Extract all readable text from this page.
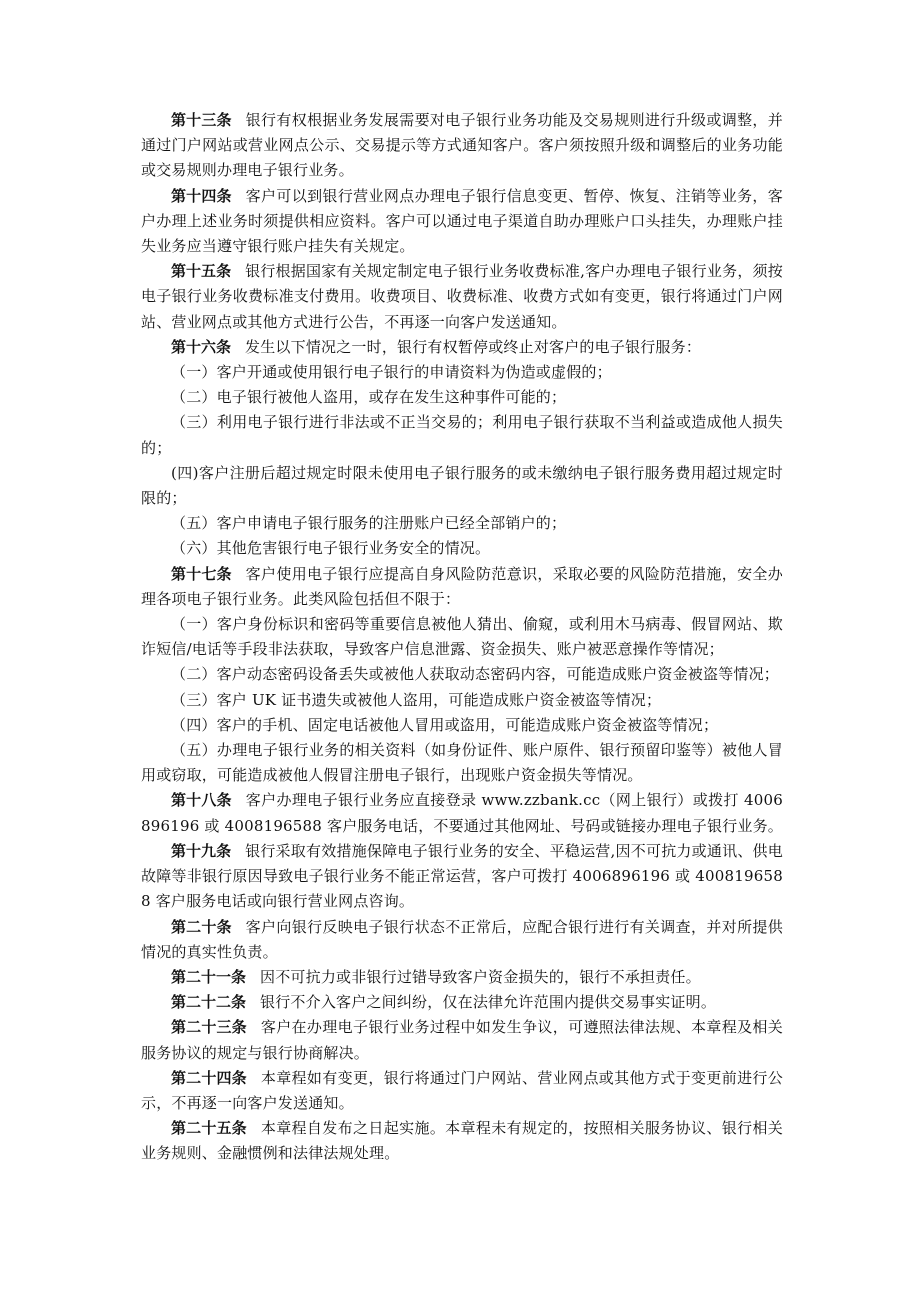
第十三条 银行有权根据业务发展需要对电子银行业务功能及交易规则进行升级或调整，并通过门户网站或营业网点公示、交易提示等方式通知客户。客户须按照升级和调整后的业务功能或交易规则办理电子银行业务。

第十四条 客户可以到银行营业网点办理电子银行信息变更、暂停、恢复、注销等业务，客户办理上述业务时须提供相应资料。客户可以通过电子渠道自助办理账户口头挂失，办理账户挂失业务应当遵守银行账户挂失有关规定。

第十五条 银行根据国家有关规定制定电子银行业务收费标准,客户办理电子银行业务，须按电子银行业务收费标准支付费用。收费项目、收费标准、收费方式如有变更，银行将通过门户网站、营业网点或其他方式进行公告，不再逐一向客户发送通知。

第十六条 发生以下情况之一时，银行有权暂停或终止对客户的电子银行服务：

（一）客户开通或使用银行电子银行的申请资料为伪造或虚假的；

（二）电子银行被他人盗用，或存在发生这种事件可能的；

（三）利用电子银行进行非法或不正当交易的；利用电子银行获取不当利益或造成他人损失的；

(四)客户注册后超过规定时限未使用电子银行服务的或未缴纳电子银行服务费用超过规定时限的；

（五）客户申请电子银行服务的注册账户已经全部销户的；

（六）其他危害银行电子银行业务安全的情况。

第十七条 客户使用电子银行应提高自身风险防范意识，采取必要的风险防范措施，安全办理各项电子银行业务。此类风险包括但不限于：

（一）客户身份标识和密码等重要信息被他人猜出、偷窥，或利用木马病毒、假冒网站、欺诈短信/电话等手段非法获取，导致客户信息泄露、资金损失、账户被恶意操作等情况；

（二）客户动态密码设备丢失或被他人获取动态密码内容，可能造成账户资金被盗等情况；

（三）客户 UK 证书遗失或被他人盗用，可能造成账户资金被盗等情况；

（四）客户的手机、固定电话被他人冒用或盗用，可能造成账户资金被盗等情况；

（五）办理电子银行业务的相关资料（如身份证件、账户原件、银行预留印鉴等）被他人冒用或窃取，可能造成被他人假冒注册电子银行，出现账户资金损失等情况。

第十八条 客户办理电子银行业务应直接登录 www.zzbank.cc（网上银行）或拨打 4006896196 或 4008196588 客户服务电话，不要通过其他网址、号码或链接办理电子银行业务。

第十九条 银行采取有效措施保障电子银行业务的安全、平稳运营,因不可抗力或通讯、供电故障等非银行原因导致电子银行业务不能正常运营，客户可拨打 4006896196 或 4008196588 客户服务电话或向银行营业网点咨询。

第二十条 客户向银行反映电子银行状态不正常后，应配合银行进行有关调查，并对所提供情况的真实性负责。

第二十一条 因不可抗力或非银行过错导致客户资金损失的，银行不承担责任。

第二十二条 银行不介入客户之间纠纷，仅在法律允许范围内提供交易事实证明。

第二十三条 客户在办理电子银行业务过程中如发生争议，可遵照法律法规、本章程及相关服务协议的规定与银行协商解决。

第二十四条 本章程如有变更，银行将通过门户网站、营业网点或其他方式于变更前进行公示，不再逐一向客户发送通知。

第二十五条 本章程自发布之日起实施。本章程未有规定的，按照相关服务协议、银行相关业务规则、金融惯例和法律法规处理。
